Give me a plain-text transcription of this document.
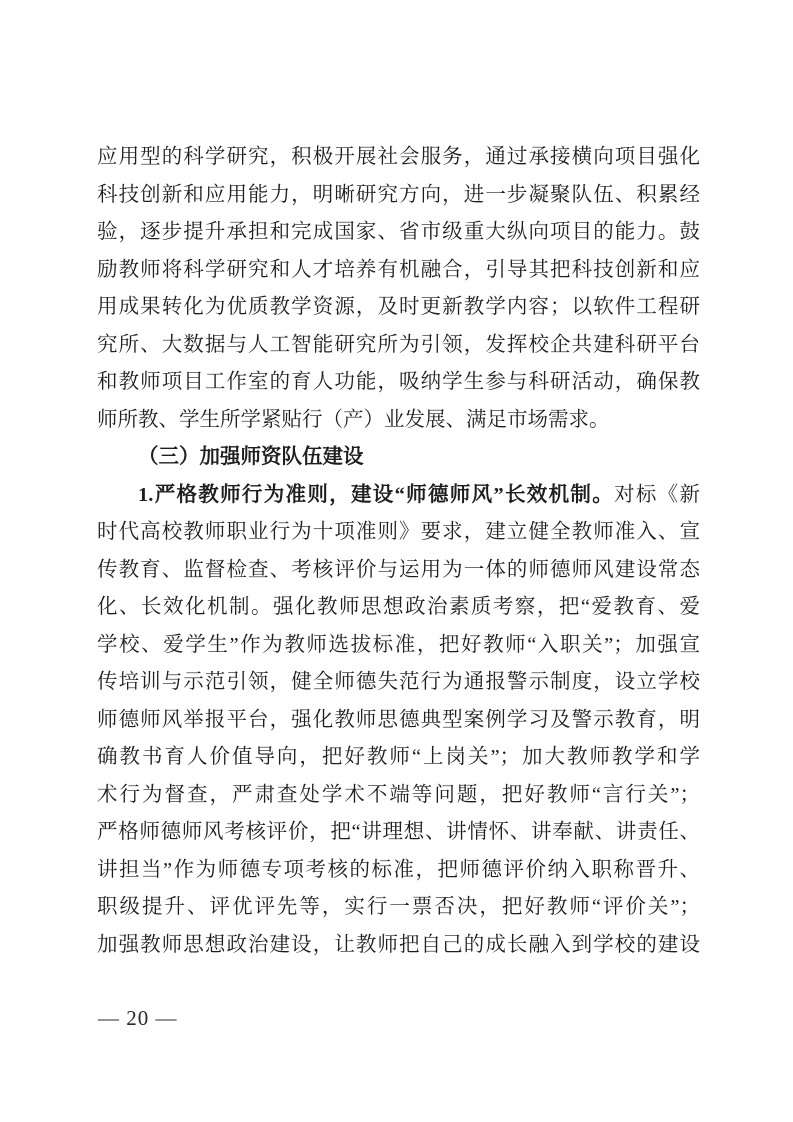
应用型的科学研究，积极开展社会服务，通过承接横向项目强化
科技创新和应用能力，明晰研究方向，进一步凝聚队伍、积累经
验，逐步提升承担和完成国家、省市级重大纵向项目的能力。鼓
励教师将科学研究和人才培养有机融合，引导其把科技创新和应
用成果转化为优质教学资源，及时更新教学内容；以软件工程研
究所、大数据与人工智能研究所为引领，发挥校企共建科研平台
和教师项目工作室的育人功能，吸纳学生参与科研活动，确保教
师所教、学生所学紧贴行（产）业发展、满足市场需求。
（三）加强师资队伍建设
1.严格教师行为准则，建设“师德师风”长效机制。对标《新
时代高校教师职业行为十项准则》要求，建立健全教师准入、宣
传教育、监督检查、考核评价与运用为一体的师德师风建设常态
化、长效化机制。强化教师思想政治素质考察，把“爱教育、爱
学校、爱学生”作为教师选拔标准，把好教师“入职关”；加强宣
传培训与示范引领，健全师德失范行为通报警示制度，设立学校
师德师风举报平台，强化教师思德典型案例学习及警示教育，明
确教书育人价值导向，把好教师“上岗关”；加大教师教学和学
术行为督查，严肃查处学术不端等问题，把好教师“言行关”；
严格师德师风考核评价，把“讲理想、讲情怀、讲奉献、讲责任、
讲担当”作为师德专项考核的标准，把师德评价纳入职称晋升、
职级提升、评优评先等，实行一票否决，把好教师“评价关”；
加强教师思想政治建设，让教师把自己的成长融入到学校的建设
— 20 —
